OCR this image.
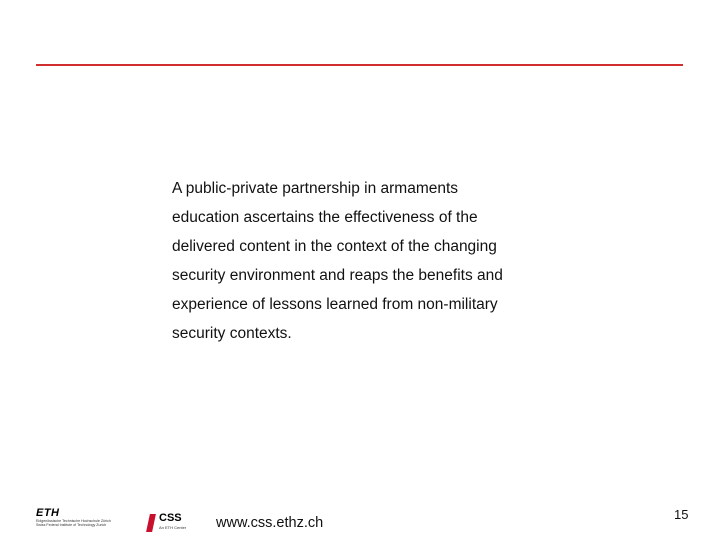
A public-private partnership in armaments
education ascertains the effectiveness of the
delivered content in the context of the changing
security environment and reaps the benefits and
experience of lessons learned from non-military
security contexts.
ETH
Eidgenössische Technische Hochschule Zürich
Swiss Federal Institute of Technology Zurich
CSS
An ETH Center www.css.ethz.ch
15
